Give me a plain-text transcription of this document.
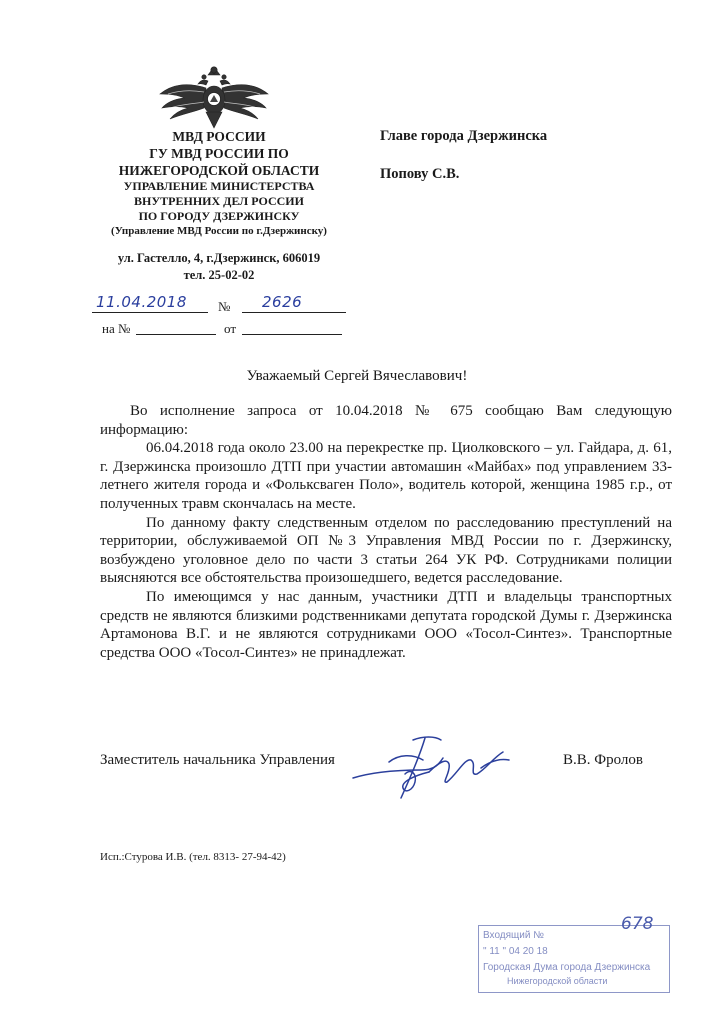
МВД РОССИИ
ГУ МВД РОССИИ ПО
НИЖЕГОРОДСКОЙ ОБЛАСТИ
УПРАВЛЕНИЕ МИНИСТЕРСТВА
ВНУТРЕННИХ ДЕЛ РОССИИ
ПО ГОРОДУ ДЗЕРЖИНСКУ
(Управление МВД России по г.Дзержинску)
ул. Гастелло, 4, г.Дзержинск, 606019
тел. 25-02-02
11.04.2018 № 2626
на №	от
Главе города Дзержинска
Попову С.В.
Уважаемый Сергей Вячеславович!

Во исполнение запроса от 10.04.2018 № 675 сообщаю Вам следующую информацию:

06.04.2018 года около 23.00 на перекрестке пр. Циолковского – ул. Гайдара, д. 61, г. Дзержинска произошло ДТП при участии автомашин «Майбах» под управлением 33-летнего жителя города и «Фольксваген Поло», водитель которой, женщина 1985 г.р., от полученных травм скончалась на месте.

По данному факту следственным отделом по расследованию преступлений на территории, обслуживаемой ОП №3 Управления МВД России по г. Дзержинску, возбуждено уголовное дело по части 3 статьи 264 УК РФ. Сотрудниками полиции выясняются все обстоятельства произошедшего, ведется расследование.

По имеющимся у нас данным, участники ДТП и владельцы транспортных средств не являются близкими родственниками депутата городской Думы г. Дзержинска Артамонова В.Г. и не являются сотрудниками ООО «Тосол-Синтез». Транспортные средства ООО «Тосол-Синтез» не принадлежат.

Заместитель начальника Управления	В.В. Фролов
Исп.:Стурова И.В. (тел. 8313- 27-94-42)
Входящий №
" 11 " 04 20 18
Городская Дума города Дзержинска
Нижегородской области
678
